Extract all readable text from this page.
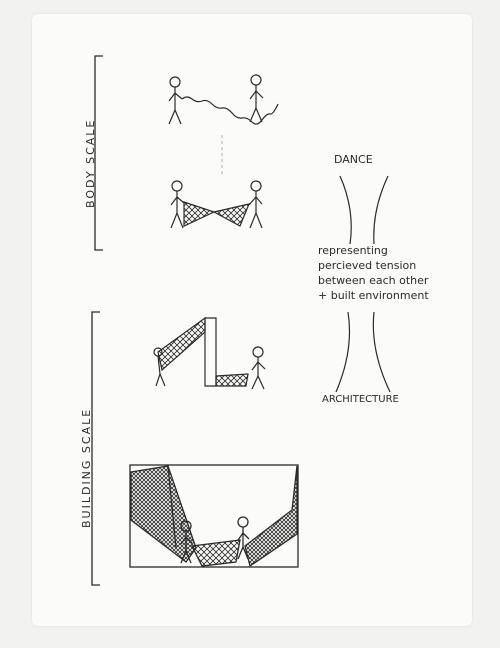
BODY SCALE
BUILDING SCALE
DANCE
representing
percieved tension
between each other
+ built environment
ARCHITECTURE
